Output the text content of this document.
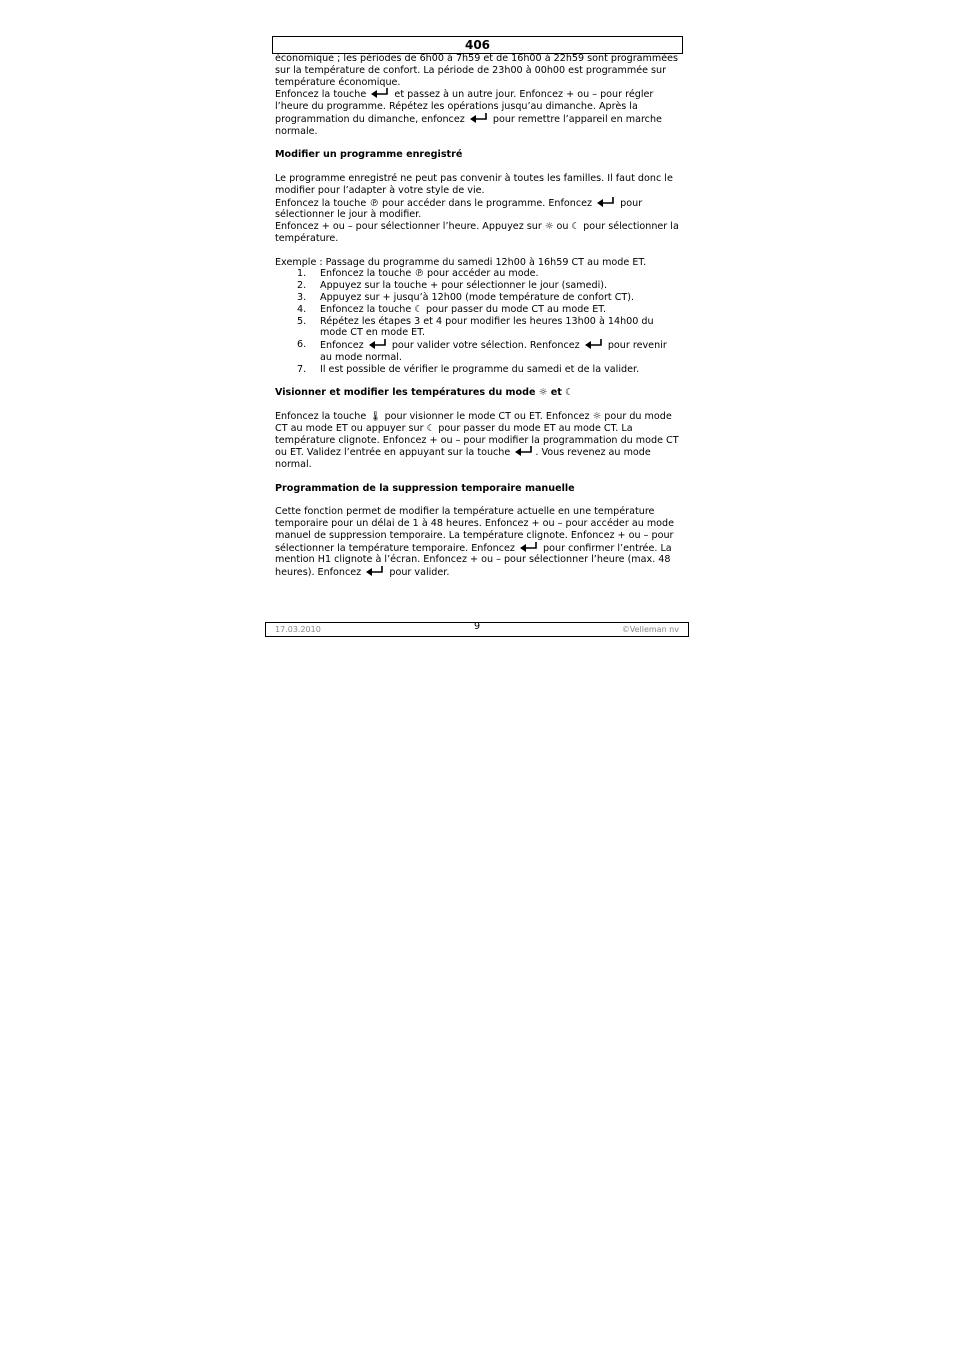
406

économique ; les périodes de 6h00 à 7h59 et de 16h00 à 22h59 sont programmées sur la température de confort. La période de 23h00 à 00h00 est programmée sur température économique.

Enfoncez la touche	et passez à un autre jour. Enfoncez + ou – pour régler l’heure du programme. Répétez les opérations jusqu’au dimanche. Après la programmation du dimanche, enfoncez	pour remettre l’appareil en marche normale.

Modifier un programme enregistré

Le programme enregistré ne peut pas convenir à toutes les familles. Il faut donc le modifier pour l’adapter à votre style de vie.

Enfoncez la touche ℗ pour accéder dans le programme. Enfoncez	pour sélectionner le jour à modifier.

Enfoncez + ou – pour sélectionner l’heure. Appuyez sur ☼ ou ☾ pour sélectionner la température.

Exemple : Passage du programme du samedi 12h00 à 16h59 CT au mode ET.

1. Enfoncez la touche ℗ pour accéder au mode.
2. Appuyez sur la touche + pour sélectionner le jour (samedi).
3. Appuyez sur + jusqu’à 12h00 (mode température de confort CT).
4. Enfoncez la touche ☾ pour passer du mode CT au mode ET.
5. Répétez les étapes 3 et 4 pour modifier les heures 13h00 à 14h00 du mode CT en mode ET.
6. Enfoncez	pour valider votre sélection. Renfoncez	pour revenir au mode normal.
7. Il est possible de vérifier le programme du samedi et de la valider.

Visionner et modifier les températures du mode ☼ et ☾

Enfoncez la touche 🌡 pour visionner le mode CT ou ET. Enfoncez ☼ pour du mode CT au mode ET ou appuyer sur ☾ pour passer du mode ET au mode CT. La température clignote. Enfoncez + ou – pour modifier la programmation du mode CT ou ET. Validez l’entrée en appuyant sur la touche	. Vous revenez au mode normal.

Programmation de la suppression temporaire manuelle

Cette fonction permet de modifier la température actuelle en une température temporaire pour un délai de 1 à 48 heures. Enfoncez + ou – pour accéder au mode manuel de suppression temporaire. La température clignote. Enfoncez + ou – pour sélectionner la température temporaire. Enfoncez	pour confirmer l’entrée. La mention H1 clignote à l’écran. Enfoncez + ou – pour sélectionner l’heure (max. 48 heures). Enfoncez	pour valider.

17.03.2010	9	©Velleman nv
